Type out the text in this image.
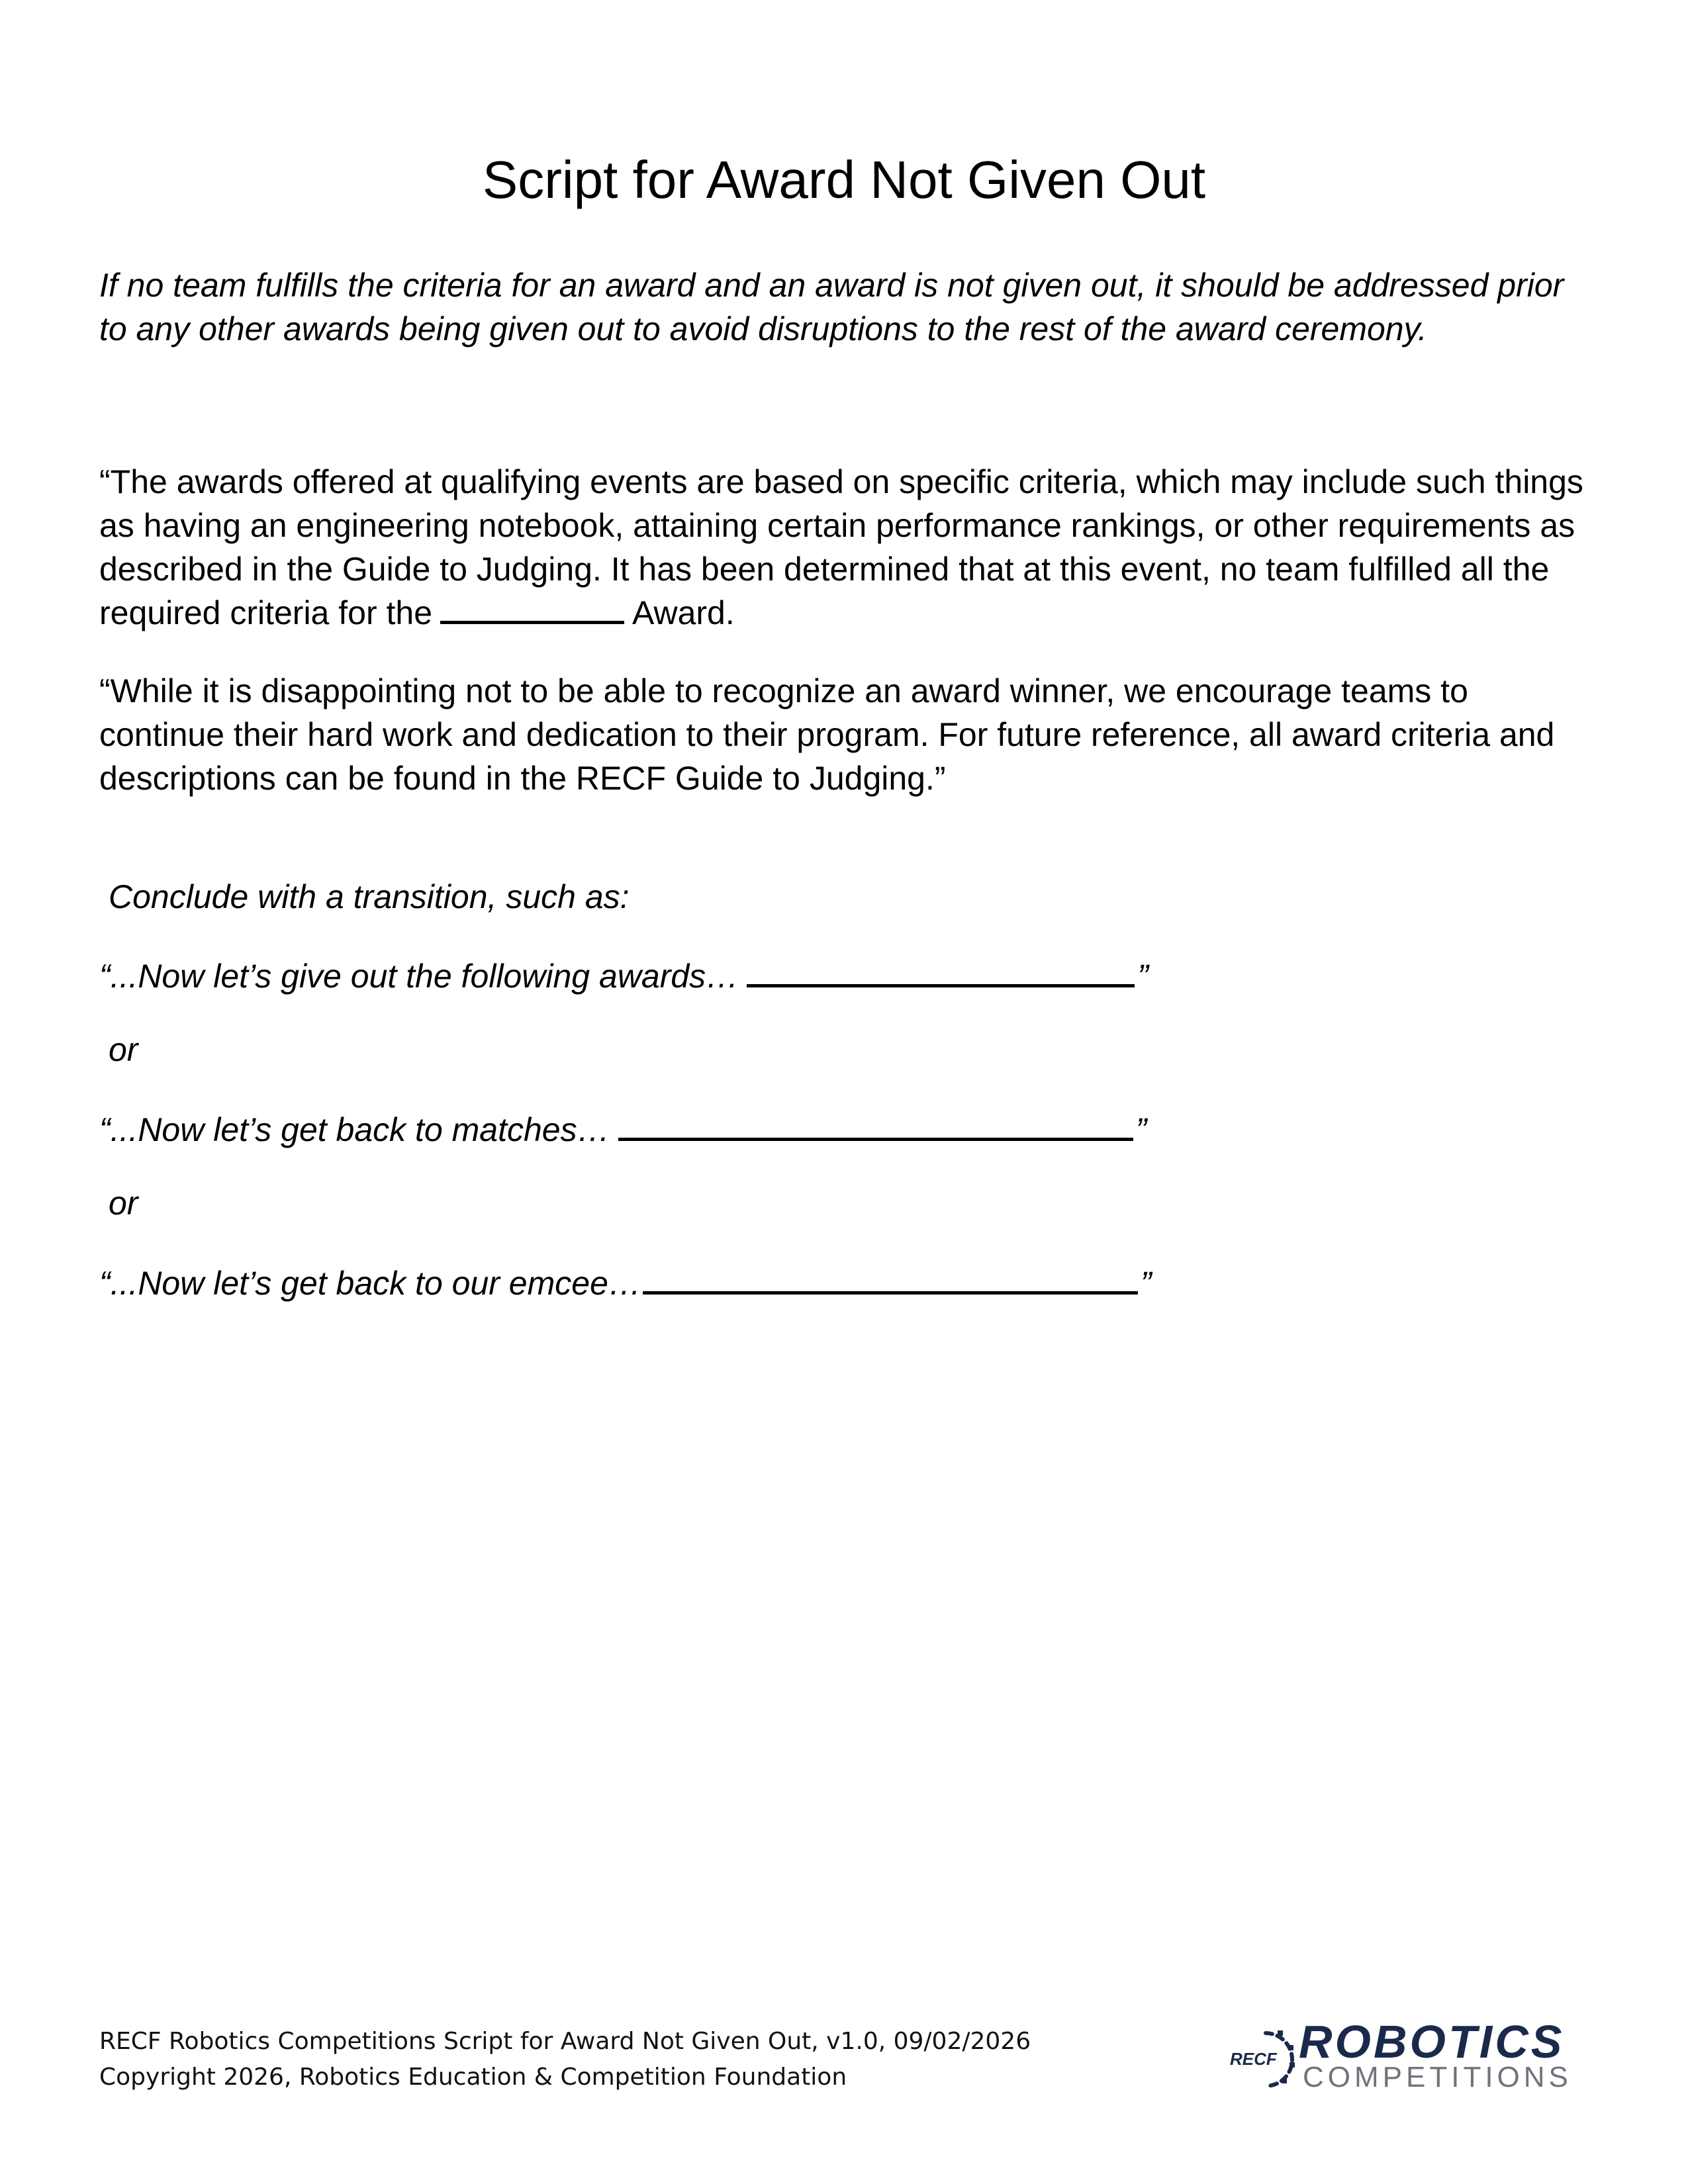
Script for Award Not Given Out
If no team fulfills the criteria for an award and an award is not given out, it should be addressed prior to any other awards being given out to avoid disruptions to the rest of the award ceremony.
“The awards offered at qualifying events are based on specific criteria, which may include such things as having an engineering notebook, attaining certain performance rankings, or other requirements as described in the Guide to Judging. It has been determined that at this event, no team fulfilled all the required criteria for the	Award.
“While it is disappointing not to be able to recognize an award winner, we encourage teams to continue their hard work and dedication to their program. For future reference, all award criteria and descriptions can be found in the RECF Guide to Judging.”
Conclude with a transition, such as:
“...Now let’s give out the following awards…	”
or
“...Now let’s get back to matches…	”
or
“...Now let’s get back to our emcee…	”
RECF Robotics Competitions Script for Award Not Given Out, v1.0, 09/02/2026
Copyright 2026, Robotics Education & Competition Foundation
RECF ROBOTICS
COMPETITIONS
